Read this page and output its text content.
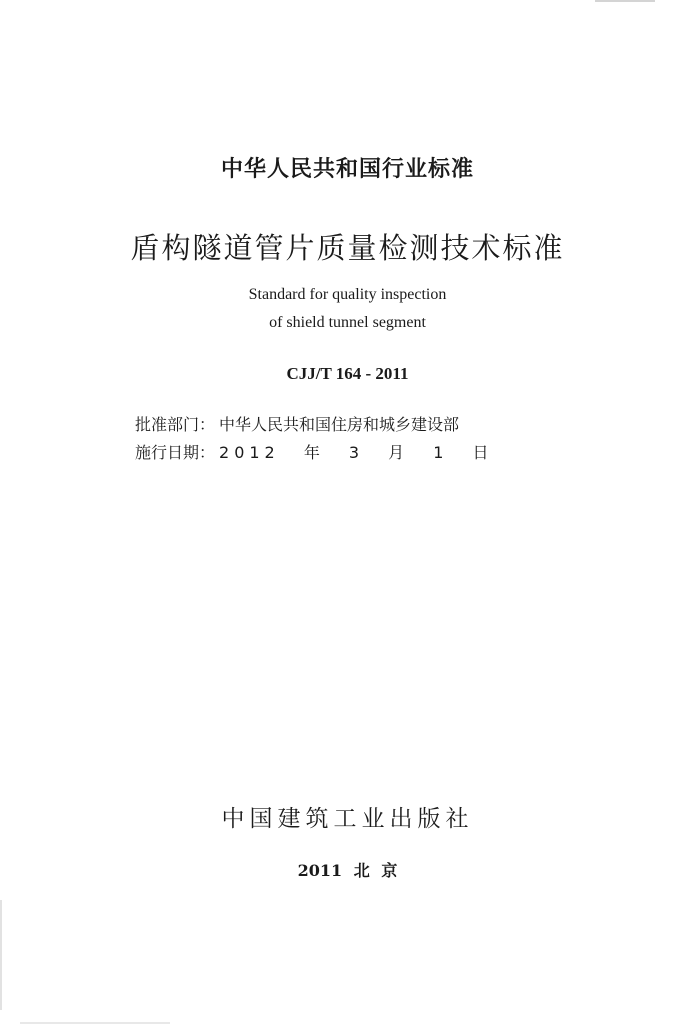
中华人民共和国行业标准
盾构隧道管片质量检测技术标准
Standard for quality inspection
of shield tunnel segment
CJJ/T 164 - 2011
批准部门： 中华人民共和国住房和城乡建设部
施行日期： 2012 年 3 月 1 日
中国建筑工业出版社
2011 北 京
